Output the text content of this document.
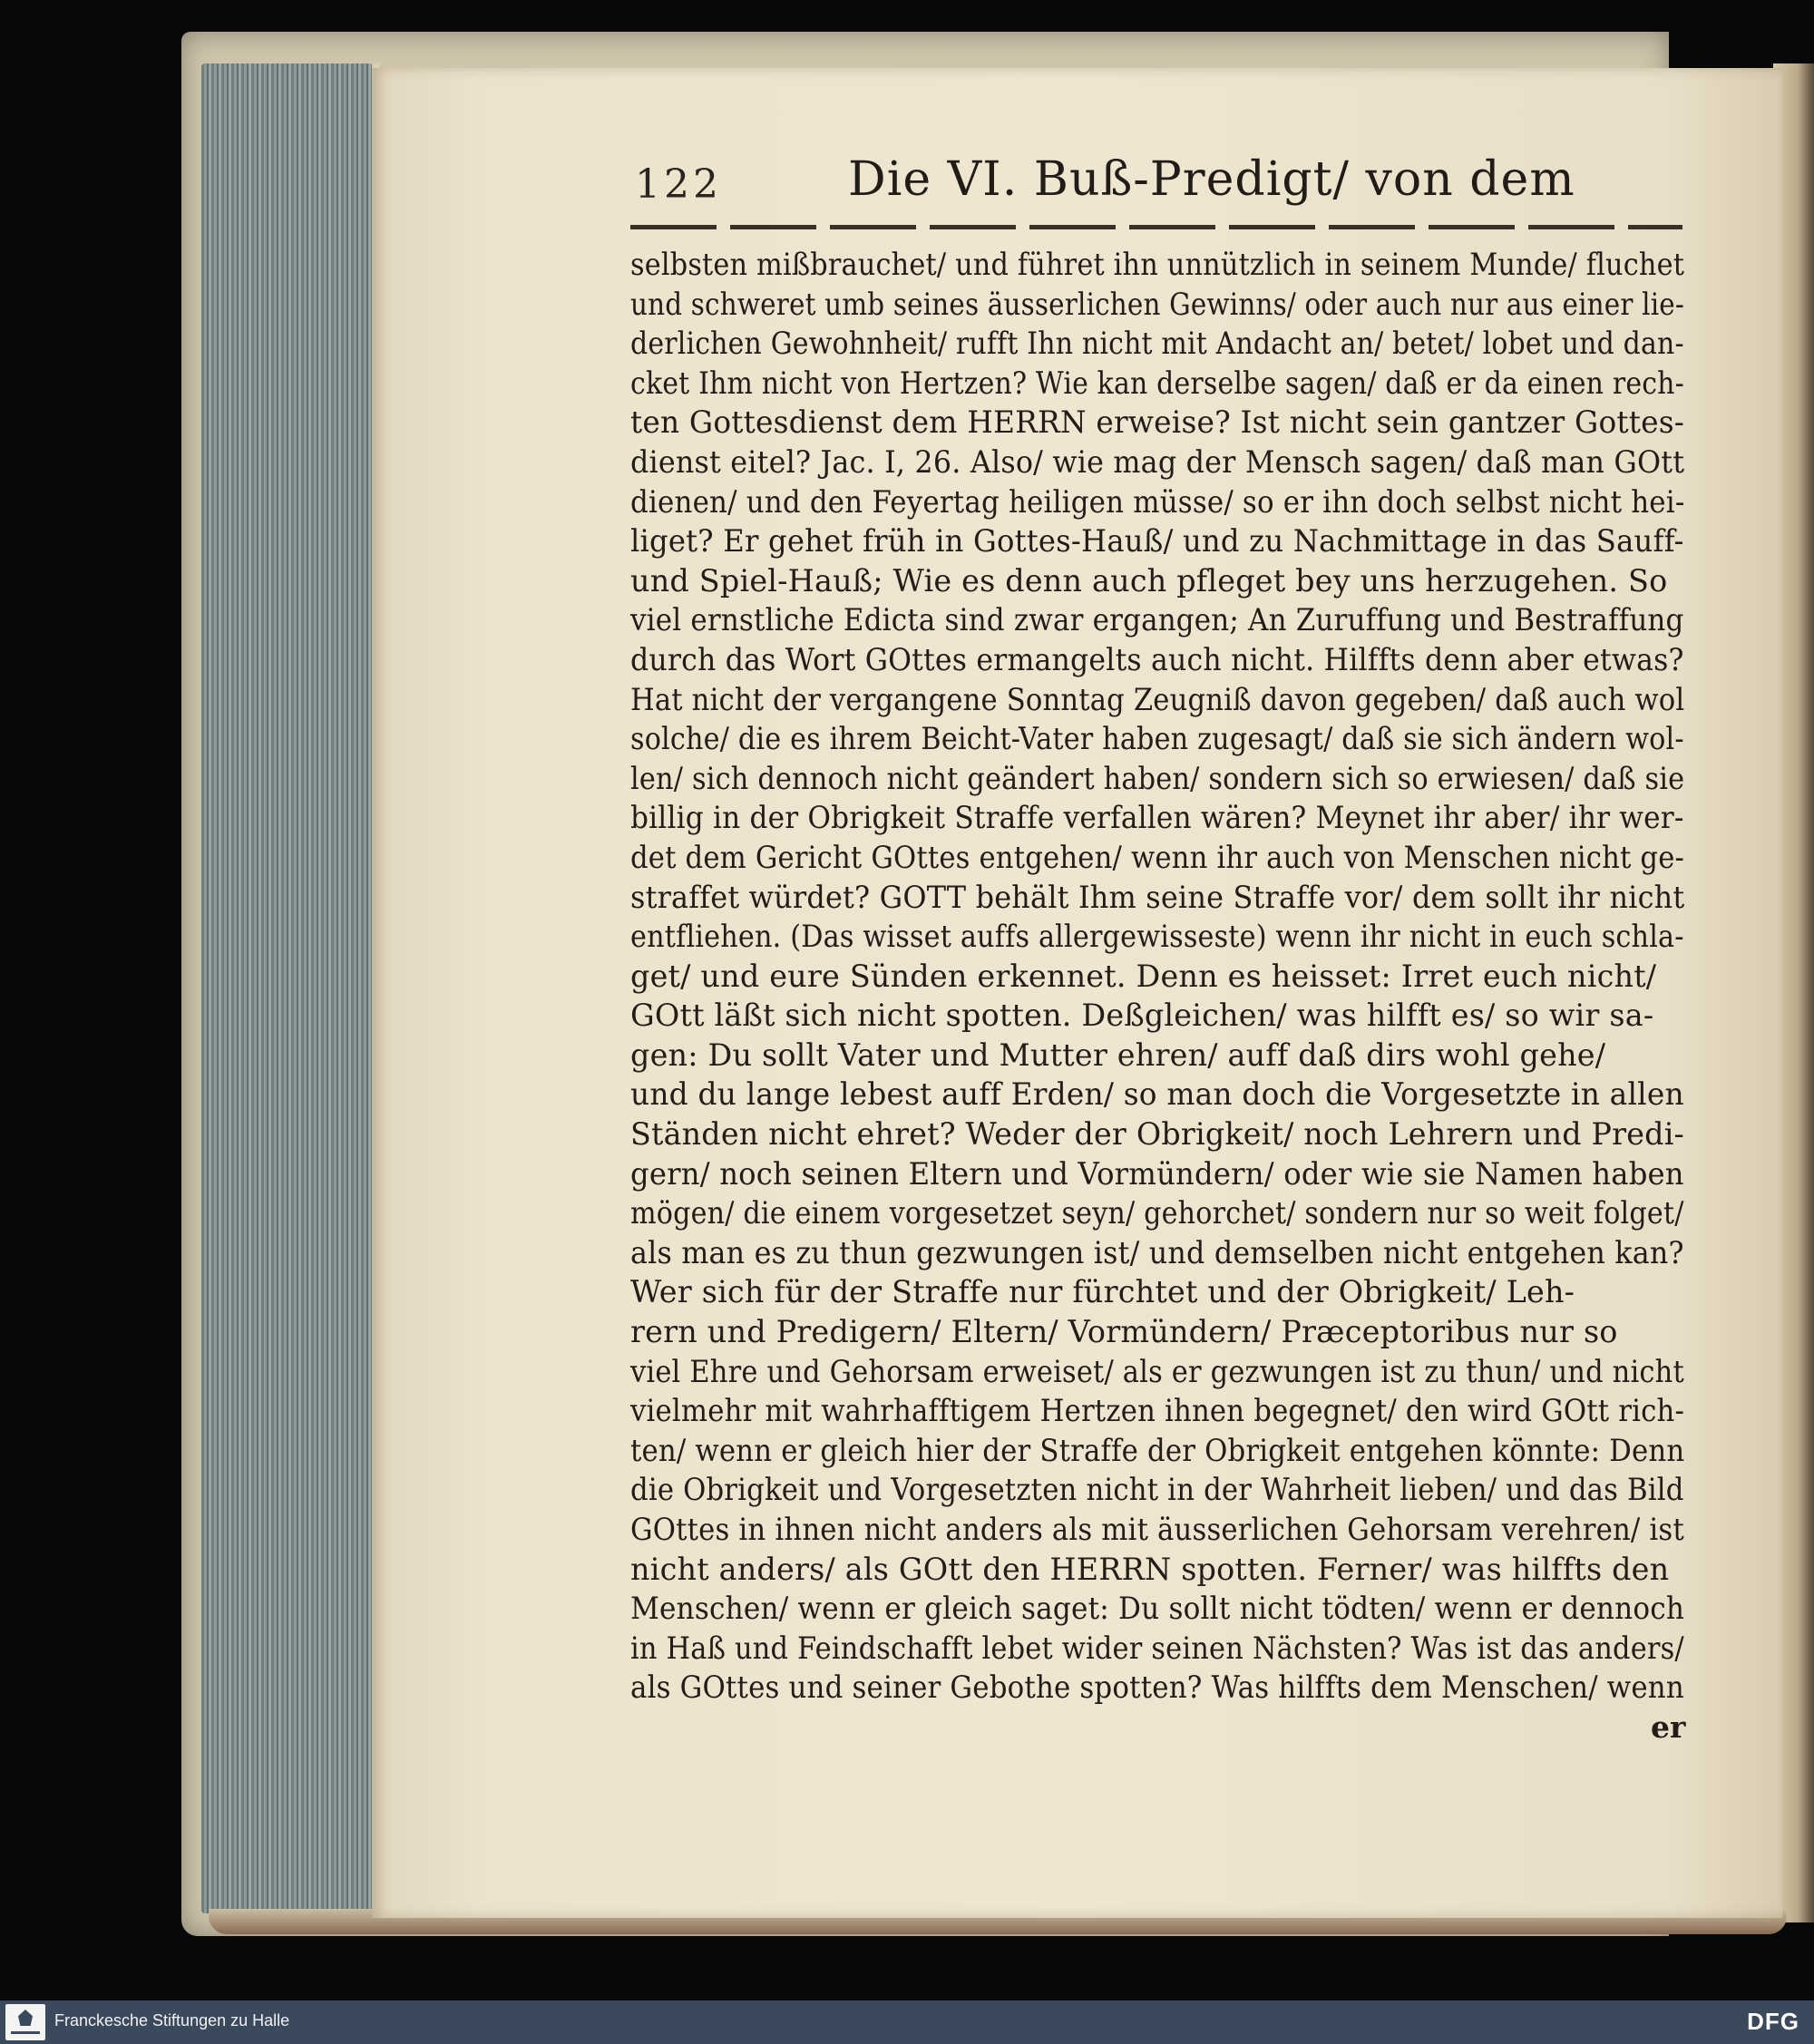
122	Die VI. Buß-Predigt/ von dem
selbsten mißbrauchet/ und führet ihn unnützlich in seinem Munde/ fluchet
und schweret umb seines äusserlichen Gewinns/ oder auch nur aus einer lie-
derlichen Gewohnheit/ rufft Ihn nicht mit Andacht an/ betet/ lobet und dan-
cket Ihm nicht von Hertzen? Wie kan derselbe sagen/ daß er da einen rech-
ten Gottesdienst dem HERRN erweise? Ist nicht sein gantzer Gottes-
dienst eitel? Jac. I, 26. Also/ wie mag der Mensch sagen/ daß man GOtt
dienen/ und den Feyertag heiligen müsse/ so er ihn doch selbst nicht hei-
liget? Er gehet früh in Gottes-Hauß/ und zu Nachmittage in das Sauff-
und Spiel-Hauß; Wie es denn auch pfleget bey uns herzugehen. So
viel ernstliche Edicta sind zwar ergangen; An Zuruffung und Bestraffung
durch das Wort GOttes ermangelts auch nicht. Hilffts denn aber etwas?
Hat nicht der vergangene Sonntag Zeugniß davon gegeben/ daß auch wol
solche/ die es ihrem Beicht-Vater haben zugesagt/ daß sie sich ändern wol-
len/ sich dennoch nicht geändert haben/ sondern sich so erwiesen/ daß sie
billig in der Obrigkeit Straffe verfallen wären? Meynet ihr aber/ ihr wer-
det dem Gericht GOttes entgehen/ wenn ihr auch von Menschen nicht ge-
straffet würdet? GOTT behält Ihm seine Straffe vor/ dem sollt ihr nicht
entfliehen. (Das wisset auffs allergewisseste) wenn ihr nicht in euch schla-
get/ und eure Sünden erkennet. Denn es heisset: Irret euch nicht/
GOtt läßt sich nicht spotten. Deßgleichen/ was hilfft es/ so wir sa-
gen: Du sollt Vater und Mutter ehren/ auff daß dirs wohl gehe/
und du lange lebest auff Erden/ so man doch die Vorgesetzte in allen
Ständen nicht ehret? Weder der Obrigkeit/ noch Lehrern und Predi-
gern/ noch seinen Eltern und Vormündern/ oder wie sie Namen haben
mögen/ die einem vorgesetzet seyn/ gehorchet/ sondern nur so weit folget/
als man es zu thun gezwungen ist/ und demselben nicht entgehen kan?
Wer sich für der Straffe nur fürchtet und der Obrigkeit/ Leh-
rern und Predigern/ Eltern/ Vormündern/ Præceptoribus nur so
viel Ehre und Gehorsam erweiset/ als er gezwungen ist zu thun/ und nicht
vielmehr mit wahrhafftigem Hertzen ihnen begegnet/ den wird GOtt rich-
ten/ wenn er gleich hier der Straffe der Obrigkeit entgehen könnte: Denn
die Obrigkeit und Vorgesetzten nicht in der Wahrheit lieben/ und das Bild
GOttes in ihnen nicht anders als mit äusserlichen Gehorsam verehren/ ist
nicht anders/ als GOtt den HERRN spotten. Ferner/ was hilffts den
Menschen/ wenn er gleich saget: Du sollt nicht tödten/ wenn er dennoch
in Haß und Feindschafft lebet wider seinen Nächsten? Was ist das anders/
als GOttes und seiner Gebothe spotten? Was hilffts dem Menschen/ wenn
er
Franckesche Stiftungen zu Halle	DFG
